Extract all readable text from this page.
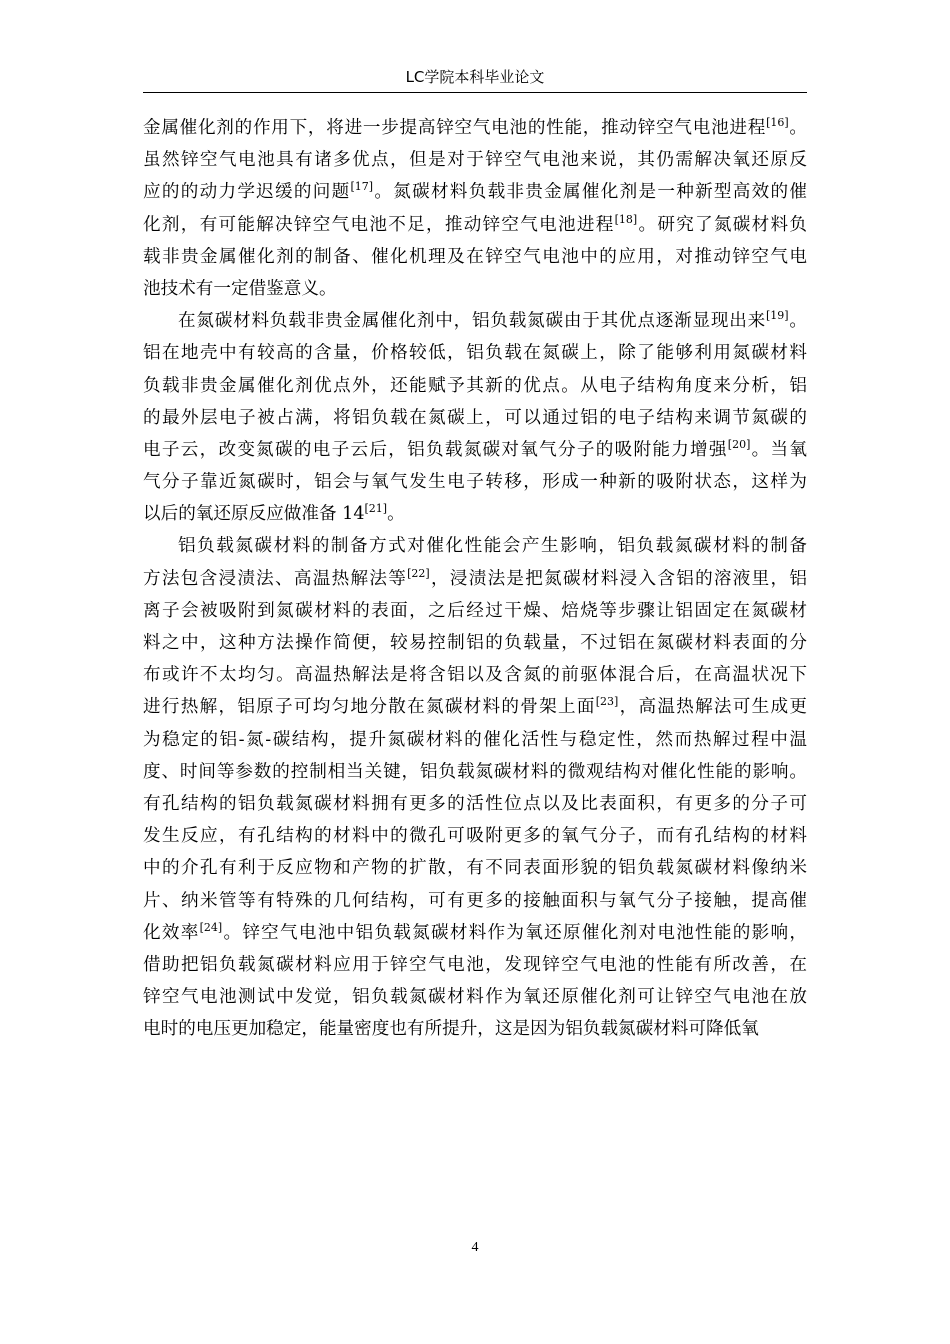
LC学院本科毕业论文
金属催化剂的作用下，将进一步提高锌空气电池的性能，推动锌空气电池进程[16]。
虽然锌空气电池具有诸多优点，但是对于锌空气电池来说，其仍需解决氧还原反
应的的动力学迟缓的问题[17]。氮碳材料负载非贵金属催化剂是一种新型高效的催
化剂，有可能解决锌空气电池不足，推动锌空气电池进程[18]。研究了氮碳材料负
载非贵金属催化剂的制备、催化机理及在锌空气电池中的应用，对推动锌空气电
池技术有一定借鉴意义。
在氮碳材料负载非贵金属催化剂中，铝负载氮碳由于其优点逐渐显现出来[19]。
铝在地壳中有较高的含量，价格较低，铝负载在氮碳上，除了能够利用氮碳材料
负载非贵金属催化剂优点外，还能赋予其新的优点。从电子结构角度来分析，铝
的最外层电子被占满，将铝负载在氮碳上，可以通过铝的电子结构来调节氮碳的
电子云，改变氮碳的电子云后，铝负载氮碳对氧气分子的吸附能力增强[20]。当氧
气分子靠近氮碳时，铝会与氧气发生电子转移，形成一种新的吸附状态，这样为
以后的氧还原反应做准备 14[21]。
铝负载氮碳材料的制备方式对催化性能会产生影响，铝负载氮碳材料的制备
方法包含浸渍法、高温热解法等[22]，浸渍法是把氮碳材料浸入含铝的溶液里，铝
离子会被吸附到氮碳材料的表面，之后经过干燥、焙烧等步骤让铝固定在氮碳材
料之中，这种方法操作简便，较易控制铝的负载量，不过铝在氮碳材料表面的分
布或许不太均匀。高温热解法是将含铝以及含氮的前驱体混合后，在高温状况下
进行热解，铝原子可均匀地分散在氮碳材料的骨架上面[23]，高温热解法可生成更
为稳定的铝-氮-碳结构，提升氮碳材料的催化活性与稳定性，然而热解过程中温
度、时间等参数的控制相当关键，铝负载氮碳材料的微观结构对催化性能的影响。
有孔结构的铝负载氮碳材料拥有更多的活性位点以及比表面积，有更多的分子可
发生反应，有孔结构的材料中的微孔可吸附更多的氧气分子，而有孔结构的材料
中的介孔有利于反应物和产物的扩散，有不同表面形貌的铝负载氮碳材料像纳米
片、纳米管等有特殊的几何结构，可有更多的接触面积与氧气分子接触，提高催
化效率[24]。锌空气电池中铝负载氮碳材料作为氧还原催化剂对电池性能的影响，
借助把铝负载氮碳材料应用于锌空气电池，发现锌空气电池的性能有所改善，在
锌空气电池测试中发觉，铝负载氮碳材料作为氧还原催化剂可让锌空气电池在放
电时的电压更加稳定，能量密度也有所提升，这是因为铝负载氮碳材料可降低氧
4
